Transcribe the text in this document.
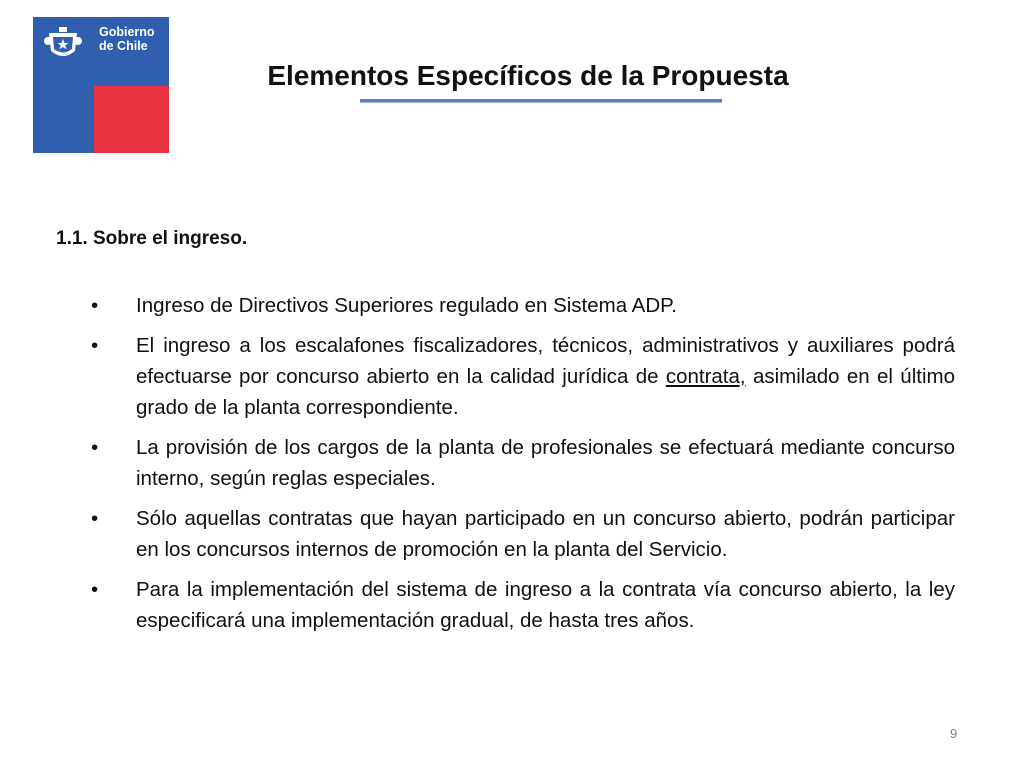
Gobierno
de Chile
Elementos Específicos de la Propuesta
1.1. Sobre el ingreso.
• Ingreso de Directivos Superiores regulado en Sistema ADP.
• El ingreso a los escalafones fiscalizadores, técnicos, administrativos y auxiliares podrá efectuarse por concurso abierto en la calidad jurídica de contrata, asimilado en el último grado de la planta correspondiente.
• La provisión de los cargos de la planta de profesionales se efectuará mediante concurso interno, según reglas especiales.
• Sólo aquellas contratas que hayan participado en un concurso abierto, podrán participar en los concursos internos de promoción en la planta del Servicio.
• Para la implementación del sistema de ingreso a la contrata vía concurso abierto, la ley especificará una implementación gradual, de hasta tres años.
9
